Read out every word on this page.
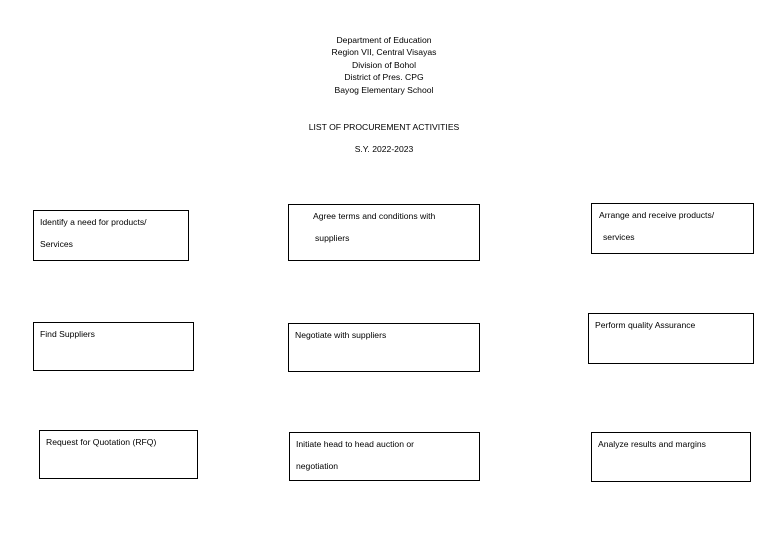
Department of Education
Region VII, Central Visayas
Division of Bohol
District of Pres. CPG
Bayog Elementary School
LIST OF PROCUREMENT ACTIVITIES
S.Y. 2022-2023
Identify a need for products/
Services
Agree terms and conditions with
suppliers
Arrange and receive products/
services
Find Suppliers	Negotiate with suppliers
Perform quality Assurance
Request for Quotation (RFQ)	Initiate head to head auction or
negotiation
Analyze results and margins
